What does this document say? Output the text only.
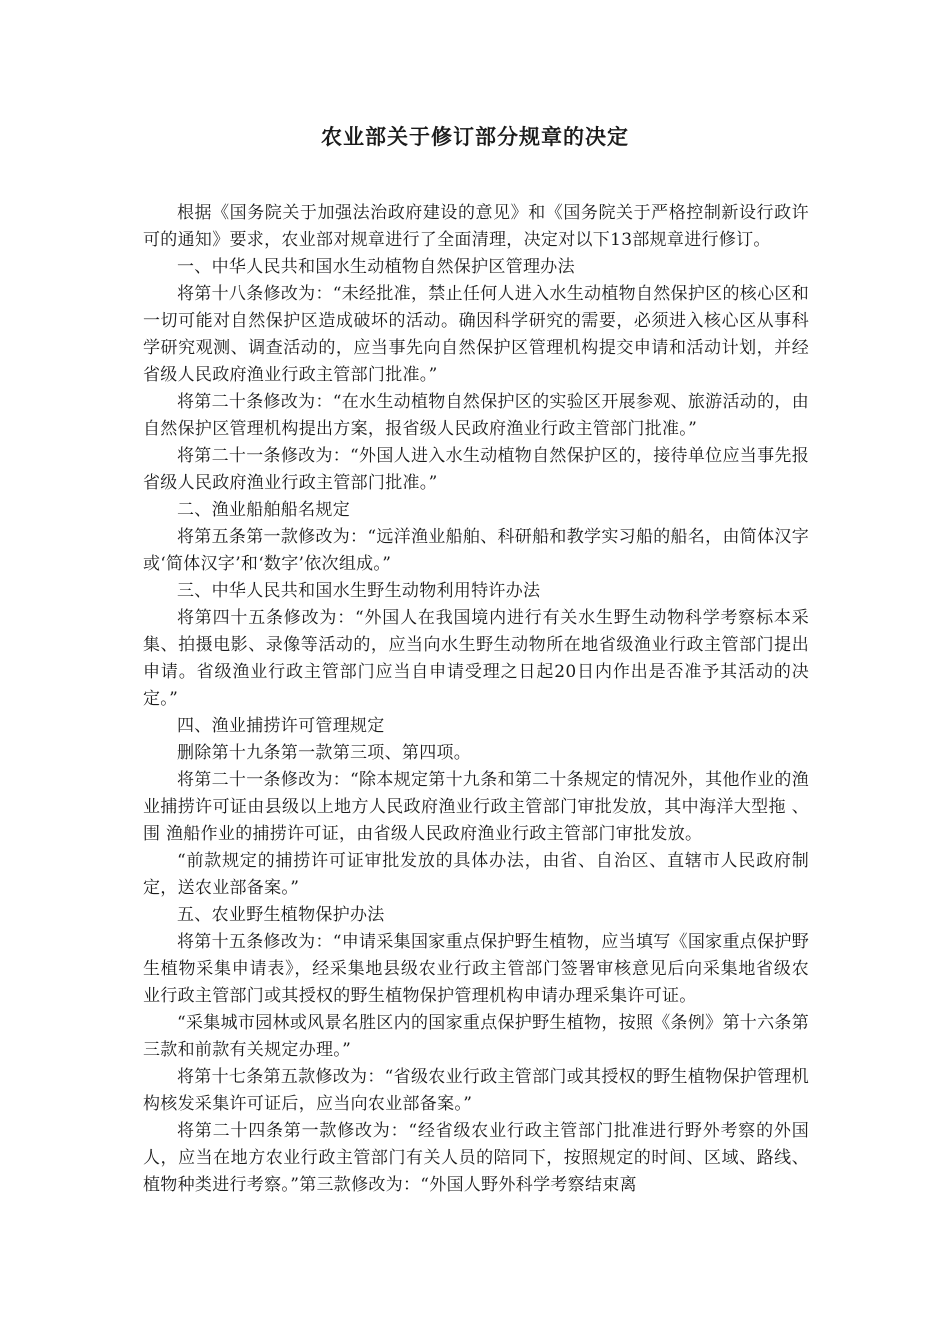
农业部关于修订部分规章的决定

根据《国务院关于加强法治政府建设的意见》和《国务院关于严格控制新设行政许可的通知》要求，农业部对规章进行了全面清理，决定对以下13部规章进行修订。

一、中华人民共和国水生动植物自然保护区管理办法

将第十八条修改为：“未经批准，禁止任何人进入水生动植物自然保护区的核心区和一切可能对自然保护区造成破坏的活动。确因科学研究的需要，必须进入核心区从事科学研究观测、调查活动的，应当事先向自然保护区管理机构提交申请和活动计划，并经省级人民政府渔业行政主管部门批准。”

将第二十条修改为：“在水生动植物自然保护区的实验区开展参观、旅游活动的，由自然保护区管理机构提出方案，报省级人民政府渔业行政主管部门批准。”

将第二十一条修改为：“外国人进入水生动植物自然保护区的，接待单位应当事先报省级人民政府渔业行政主管部门批准。”

二、渔业船舶船名规定

将第五条第一款修改为：“远洋渔业船舶、科研船和教学实习船的船名，由简体汉字或‘简体汉字’和‘数字’依次组成。”

三、中华人民共和国水生野生动物利用特许办法

将第四十五条修改为：“外国人在我国境内进行有关水生野生动物科学考察标本采集、拍摄电影、录像等活动的，应当向水生野生动物所在地省级渔业行政主管部门提出申请。省级渔业行政主管部门应当自申请受理之日起20日内作出是否准予其活动的决定。”

四、渔业捕捞许可管理规定

删除第十九条第一款第三项、第四项。

将第二十一条修改为：“除本规定第十九条和第二十条规定的情况外，其他作业的渔业捕捞许可证由县级以上地方人民政府渔业行政主管部门审批发放，其中海洋大型拖 、围 渔船作业的捕捞许可证，由省级人民政府渔业行政主管部门审批发放。

“前款规定的捕捞许可证审批发放的具体办法，由省、自治区、直辖市人民政府制定，送农业部备案。”

五、农业野生植物保护办法

将第十五条修改为：“申请采集国家重点保护野生植物，应当填写《国家重点保护野生植物采集申请表》，经采集地县级农业行政主管部门签署审核意见后向采集地省级农业行政主管部门或其授权的野生植物保护管理机构申请办理采集许可证。

“采集城市园林或风景名胜区内的国家重点保护野生植物，按照《条例》第十六条第三款和前款有关规定办理。”

将第十七条第五款修改为：“省级农业行政主管部门或其授权的野生植物保护管理机构核发采集许可证后，应当向农业部备案。”

将第二十四条第一款修改为：“经省级农业行政主管部门批准进行野外考察的外国人，应当在地方农业行政主管部门有关人员的陪同下，按照规定的时间、区域、路线、植物种类进行考察。”第三款修改为：“外国人野外科学考察结束离
